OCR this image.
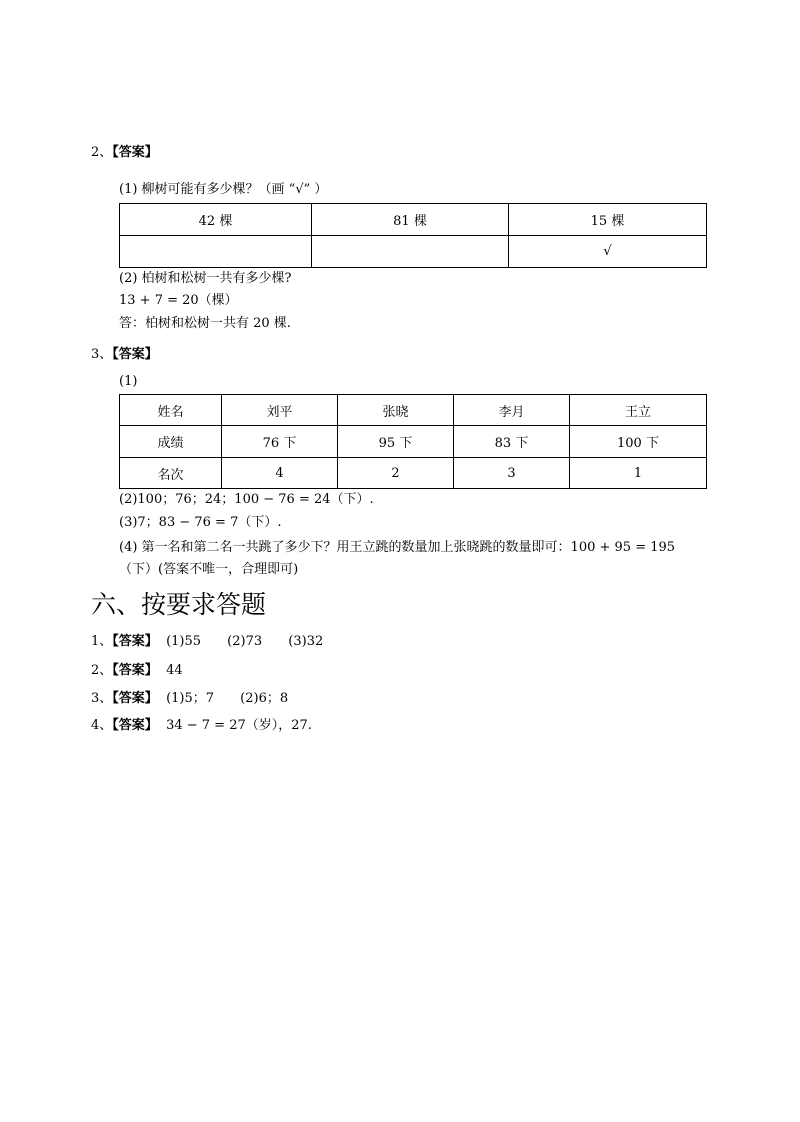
2、【答案】
(1) 柳树可能有多少棵？（画 “√” ）
42 棵	81 棵	15 棵
		√
(2) 柏树和松树一共有多少棵?
13 + 7 = 20（棵）
答：柏树和松树一共有 20 棵.
3、【答案】
(1)
姓名	刘平	张晓	李月	王立
成绩	76 下	95 下	83 下	100 下
名次	4	2	3	1
(2)100；76；24；100 − 76 = 24（下）.
(3)7；83 − 76 = 7（下）.
(4) 第一名和第二名一共跳了多少下？用王立跳的数量加上张晓跳的数量即可：100 + 95 = 195
（下）(答案不唯一，合理即可)
六、按要求答题
1、【答案】 (1)55 (2)73 (3)32
2、【答案】 44
3、【答案】 (1)5；7 (2)6；8
4、【答案】 34 − 7 = 27（岁），27.
